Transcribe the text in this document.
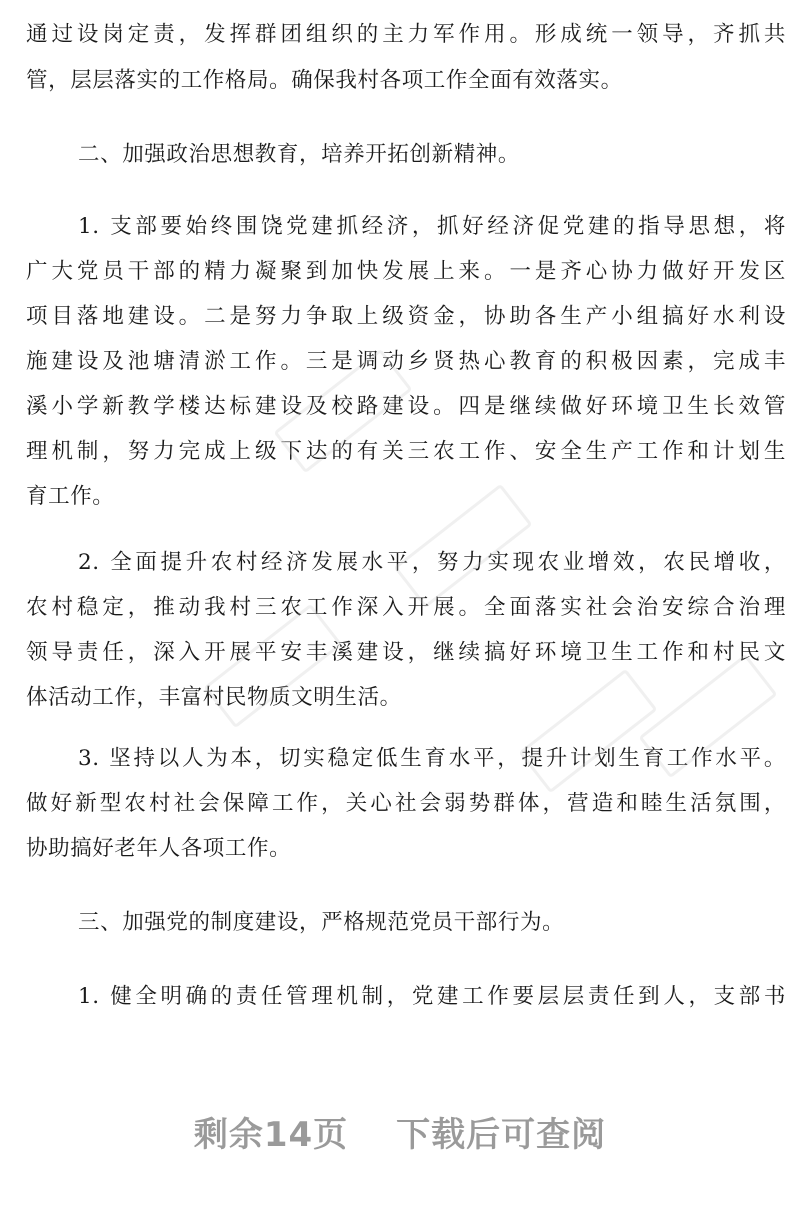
通过设岗定责，发挥群团组织的主力军作用。形成统一领导，齐抓共
管，层层落实的工作格局。确保我村各项工作全面有效落实。
二、加强政治思想教育，培养开拓创新精神。
1. 支部要始终围饶党建抓经济，抓好经济促党建的指导思想，将
广大党员干部的精力凝聚到加快发展上来。一是齐心协力做好开发区
项目落地建设。二是努力争取上级资金，协助各生产小组搞好水利设
施建设及池塘清淤工作。三是调动乡贤热心教育的积极因素，完成丰
溪小学新教学楼达标建设及校路建设。四是继续做好环境卫生长效管
理机制，努力完成上级下达的有关三农工作、安全生产工作和计划生
育工作。
2. 全面提升农村经济发展水平，努力实现农业增效，农民增收，
农村稳定，推动我村三农工作深入开展。全面落实社会治安综合治理
领导责任，深入开展平安丰溪建设，继续搞好环境卫生工作和村民文
体活动工作，丰富村民物质文明生活。
3. 坚持以人为本，切实稳定低生育水平，提升计划生育工作水平。
做好新型农村社会保障工作，关心社会弱势群体，营造和睦生活氛围，
协助搞好老年人各项工作。
三、加强党的制度建设，严格规范党员干部行为。
1. 健全明确的责任管理机制，党建工作要层层责任到人，支部书
剩余14页 下载后可查阅
